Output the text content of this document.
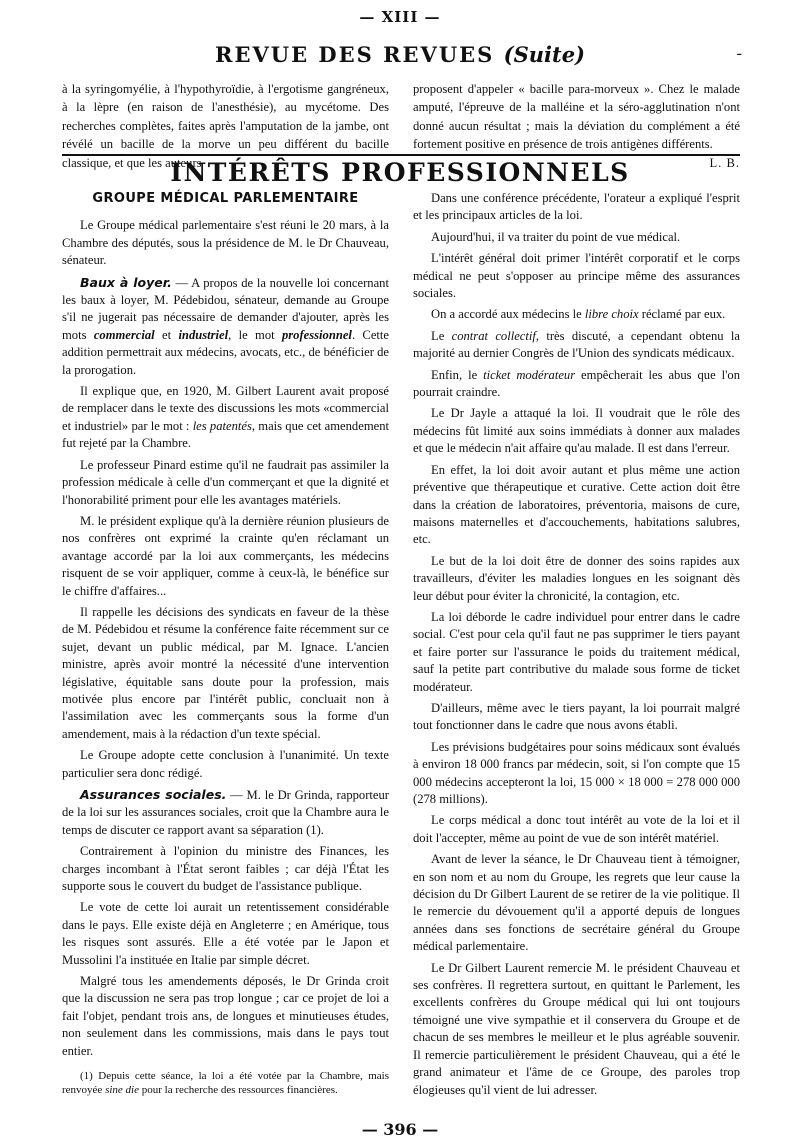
— XIII —
REVUE DES REVUES (Suite)	-

à la syringomyélie, à l'hypothyroïdie, à l'ergotisme gangréneux, à la lèpre (en raison de l'anesthésie), au mycétome. Des recherches complètes, faites après l'amputation de la jambe, ont révélé un bacille de la morve un peu différent du bacille classique, et que les auteurs

proposent d'appeler « bacille para-morveux ». Chez le malade amputé, l'épreuve de la malléine et la séro-agglutination n'ont donné aucun résultat ; mais la déviation du complément a été fortement positive en présence de trois antigènes différents.
L. B.

INTÉRÊTS PROFESSIONNELS
GROUPE MÉDICAL PARLEMENTAIRE

Le Groupe médical parlementaire s'est réuni le 20 mars, à la Chambre des députés, sous la présidence de M. le Dr Chauveau, sénateur.

Baux à loyer. — A propos de la nouvelle loi concernant les baux à loyer, M. Pédebidou, sénateur, demande au Groupe s'il ne jugerait pas nécessaire de demander d'ajouter, après les mots commercial et industriel, le mot professionnel. Cette addition permettrait aux médecins, avocats, etc., de bénéficier de la prorogation.

Il explique que, en 1920, M. Gilbert Laurent avait proposé de remplacer dans le texte des discussions les mots «commercial et industriel» par le mot : les patentés, mais que cet amendement fut rejeté par la Chambre.

Le professeur Pinard estime qu'il ne faudrait pas assimiler la profession médicale à celle d'un commerçant et que la dignité et l'honorabilité priment pour elle les avantages matériels.

M. le président explique qu'à la dernière réunion plusieurs de nos confrères ont exprimé la crainte qu'en réclamant un avantage accordé par la loi aux commerçants, les médecins risquent de se voir appliquer, comme à ceux-là, le bénéfice sur le chiffre d'affaires...

Il rappelle les décisions des syndicats en faveur de la thèse de M. Pédebidou et résume la conférence faite récemment sur ce sujet, devant un public médical, par M. Ignace. L'ancien ministre, après avoir montré la nécessité d'une intervention législative, équitable sans doute pour la profession, mais motivée plus encore par l'intérêt public, concluait non à l'assimilation avec les commerçants sous la forme d'un amendement, mais à la rédaction d'un texte spécial.

Le Groupe adopte cette conclusion à l'unanimité. Un texte particulier sera donc rédigé.

Assurances sociales. — M. le Dr Grinda, rapporteur de la loi sur les assurances sociales, croit que la Chambre aura le temps de discuter ce rapport avant sa séparation (1).

Contrairement à l'opinion du ministre des Finances, les charges incombant à l'État seront faibles ; car déjà l'État les supporte sous le couvert du budget de l'assistance publique.

Le vote de cette loi aurait un retentissement considérable dans le pays. Elle existe déjà en Angleterre ; en Amérique, tous les risques sont assurés. Elle a été votée par le Japon et Mussolini l'a instituée en Italie par simple décret.

Malgré tous les amendements déposés, le Dr Grinda croit que la discussion ne sera pas trop longue ; car ce projet de loi a fait l'objet, pendant trois ans, de longues et minutieuses études, non seulement dans les commissions, mais dans le pays tout entier.

(1) Depuis cette séance, la loi a été votée par la Chambre, mais renvoyée sine die pour la recherche des ressources financières.

Dans une conférence précédente, l'orateur a expliqué l'esprit et les principaux articles de la loi.

Aujourd'hui, il va traiter du point de vue médical.

L'intérêt général doit primer l'intérêt corporatif et le corps médical ne peut s'opposer au principe même des assurances sociales.

On a accordé aux médecins le libre choix réclamé par eux.

Le contrat collectif, très discuté, a cependant obtenu la majorité au dernier Congrès de l'Union des syndicats médicaux.

Enfin, le ticket modérateur empêcherait les abus que l'on pourrait craindre.

Le Dr Jayle a attaqué la loi. Il voudrait que le rôle des médecins fût limité aux soins immédiats à donner aux malades et que le médecin n'ait affaire qu'au malade. Il est dans l'erreur.

En effet, la loi doit avoir autant et plus même une action préventive que thérapeutique et curative. Cette action doit être dans la création de laboratoires, préventoria, maisons de cure, maisons maternelles et d'accouchements, habitations salubres, etc.

Le but de la loi doit être de donner des soins rapides aux travailleurs, d'éviter les maladies longues en les soignant dès leur début pour éviter la chronicité, la contagion, etc.

La loi déborde le cadre individuel pour entrer dans le cadre social. C'est pour cela qu'il faut ne pas supprimer le tiers payant et faire porter sur l'assurance le poids du traitement médical, sauf la petite part contributive du malade sous forme de ticket modérateur.

D'ailleurs, même avec le tiers payant, la loi pourrait malgré tout fonctionner dans le cadre que nous avons établi.

Les prévisions budgétaires pour soins médicaux sont évalués à environ 18 000 francs par médecin, soit, si l'on compte que 15 000 médecins accepteront la loi, 15 000 × 18 000 = 278 000 000 (278 millions).

Le corps médical a donc tout intérêt au vote de la loi et il doit l'accepter, même au point de vue de son intérêt matériel.

Avant de lever la séance, le Dr Chauveau tient à témoigner, en son nom et au nom du Groupe, les regrets que leur cause la décision du Dr Gilbert Laurent de se retirer de la vie politique. Il le remercie du dévouement qu'il a apporté depuis de longues années dans ses fonctions de secrétaire général du Groupe médical parlementaire.

Le Dr Gilbert Laurent remercie M. le président Chauveau et ses confrères. Il regrettera surtout, en quittant le Parlement, les excellents confrères du Groupe médical qui lui ont toujours témoigné une vive sympathie et il conservera du Groupe et de chacun de ses membres le meilleur et le plus agréable souvenir. Il remercie particulièrement le président Chauveau, qui a été le grand animateur et l'âme de ce Groupe, des paroles trop élogieuses qu'il vient de lui adresser.

— 396 —
